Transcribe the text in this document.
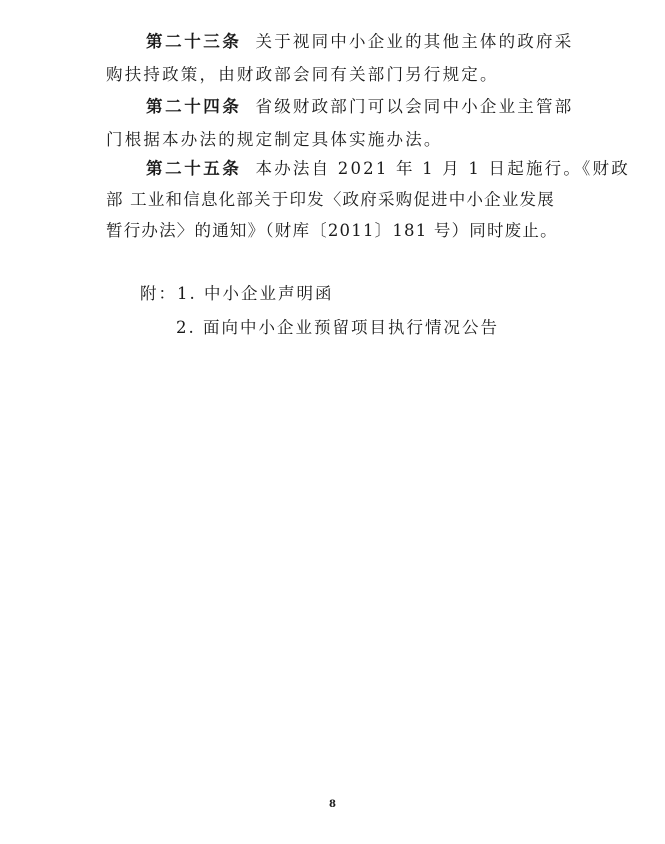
第二十三条 关于视同中小企业的其他主体的政府采
购扶持政策，由财政部会同有关部门另行规定。
第二十四条 省级财政部门可以会同中小企业主管部
门根据本办法的规定制定具体实施办法。
第二十五条 本办法自 2021 年 1 月 1 日起施行。《财政
部 工业和信息化部关于印发〈政府采购促进中小企业发展
暂行办法〉的通知》（财库〔2011〕181 号）同时废止。
附：1. 中小企业声明函
2. 面向中小企业预留项目执行情况公告
8
